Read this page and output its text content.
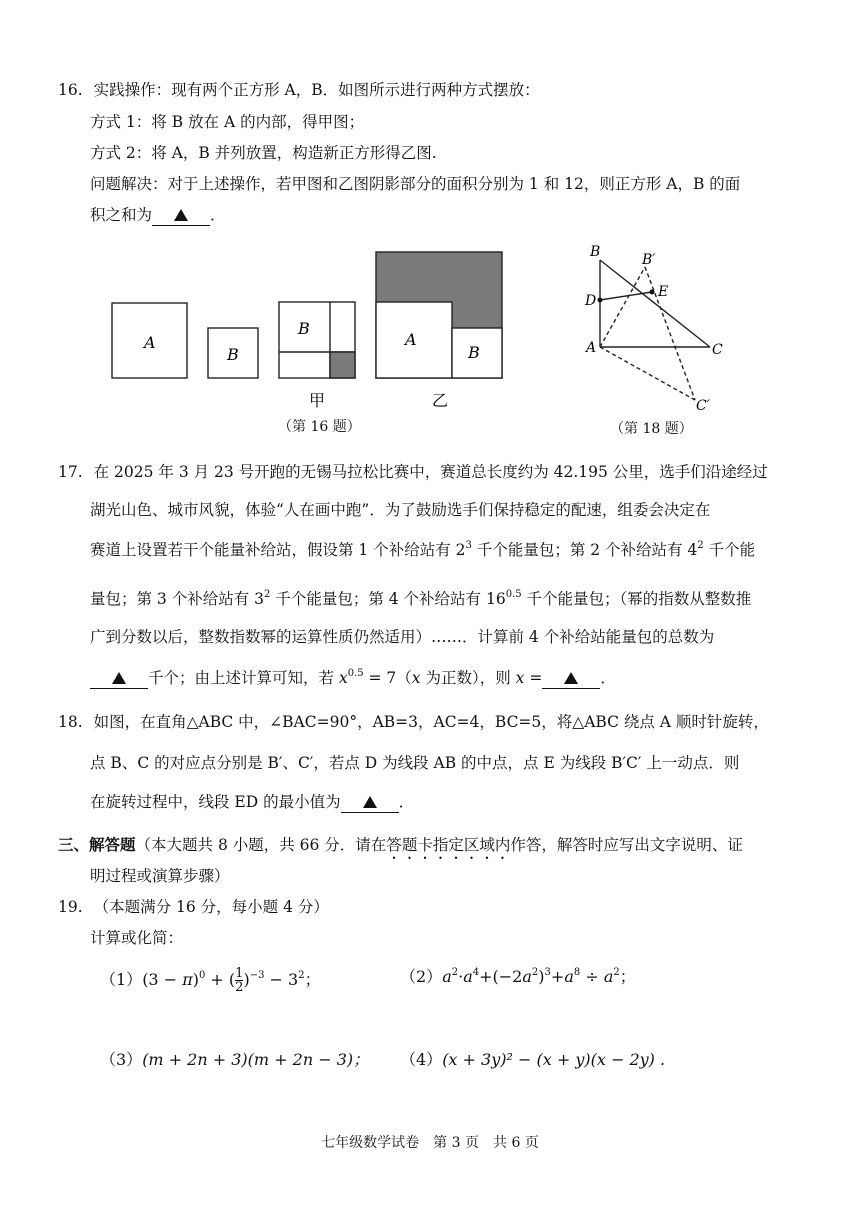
16. 实践操作：现有两个正方形 A，B．如图所示进行两种方式摆放：
方式 1：将 B 放在 A 的内部，得甲图；
方式 2：将 A，B 并列放置，构造新正方形得乙图.
问题解决：对于上述操作，若甲图和乙图阴影部分的面积分别为 1 和 12，则正方形 A，B 的面
积之和为	．
A
B
B
A
B
甲	乙
（第 16 题）
B	B′
E
D
A	C
C′
（第 18 题）
17. 在 2025 年 3 月 23 号开跑的无锡马拉松比赛中，赛道总长度约为 42.195 公里，选手们沿途经过
湖光山色、城市风貌，体验“人在画中跑”．为了鼓励选手们保持稳定的配速，组委会决定在
赛道上设置若干个能量补给站，假设第 1 个补给站有 $2^3$ 千个能量包；第 2 个补给站有 $4^2$ 千个能
量包；第 3 个补给站有 $3^2$ 千个能量包；第 4 个补给站有 $16^{0.5}$ 千个能量包；（幂的指数从整数推
广到分数以后，整数指数幂的运算性质仍然适用）……．计算前 4 个补给站能量包的总数为
千个；由上述计算可知，若 $x^{0.5} = 7(x$ 为正数），则 x =	．
18. 如图，在直角△ABC 中，∠BAC=90°，AB=3，AC=4，BC=5，将△ABC 绕点 A 顺时针旋转，
点 B、C 的对应点分别是 B′、C′，若点 D 为线段 AB 的中点，点 E 为线段 B′C′ 上一动点．则
在旋转过程中，线段 ED 的最小值为	．
三、解答题（本大题共 8 小题，共 66 分．请在答题卡指定区域内作答，解答时应写出文字说明、证
明过程或演算步骤）
19. （本题满分 16 分，每小题 4 分）
计算或化简：
$(1)(3 - \pi)^0$ + ( $\frac{1}{2} )^{-3} - 3^2$；	$(2)a^2\cdot a^4+(-2a^2)^3+a^8 \div a^2$；
（3）(m + 2n + 3)(m + 2n − 3)； （4）(x + 3y)² − (x + y)(x − 2y) .
七年级数学试卷　第 3 页　共 6 页
